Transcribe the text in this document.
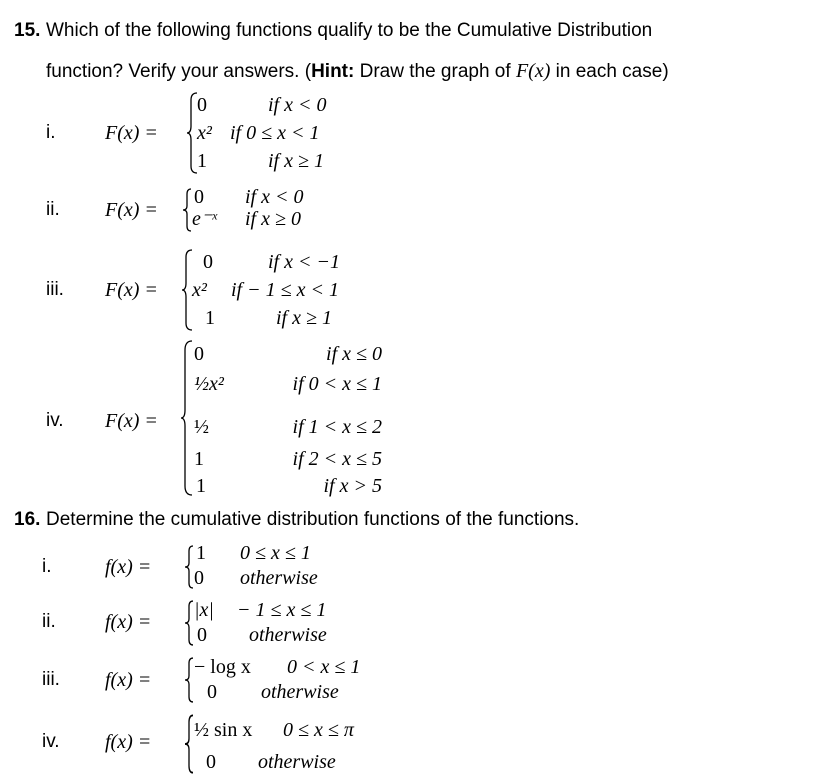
15. Which of the following functions qualify to be the Cumulative Distribution
function? Verify your answers. (Hint: Draw the graph of F(x) in each case)
i. F(x) =
0	if x < 0
x² if 0 ≤ x < 1
1	if x ≥ 1
ii. F(x) =
0 if x < 0
e⁻ˣ if x ≥ 0
iii. F(x) =
0	if x < −1
x² if − 1 ≤ x < 1
1	if x ≥ 1
iv. F(x) =
0	if x ≤ 0
½x²	if 0 < x ≤ 1
½	if 1 < x ≤ 2
1	if 2 < x ≤ 5
1	if x > 5
16. Determine the cumulative distribution functions of the functions.
i.	f(x) =
1 0 ≤ x ≤ 1
0 otherwise
ii. f(x) =
|x| − 1 ≤ x ≤ 1
0 otherwise
iii. f(x) =
− log x 0 < x ≤ 1
0 otherwise
iv. f(x) =
½ sin x 0 ≤ x ≤ π
0 otherwise
